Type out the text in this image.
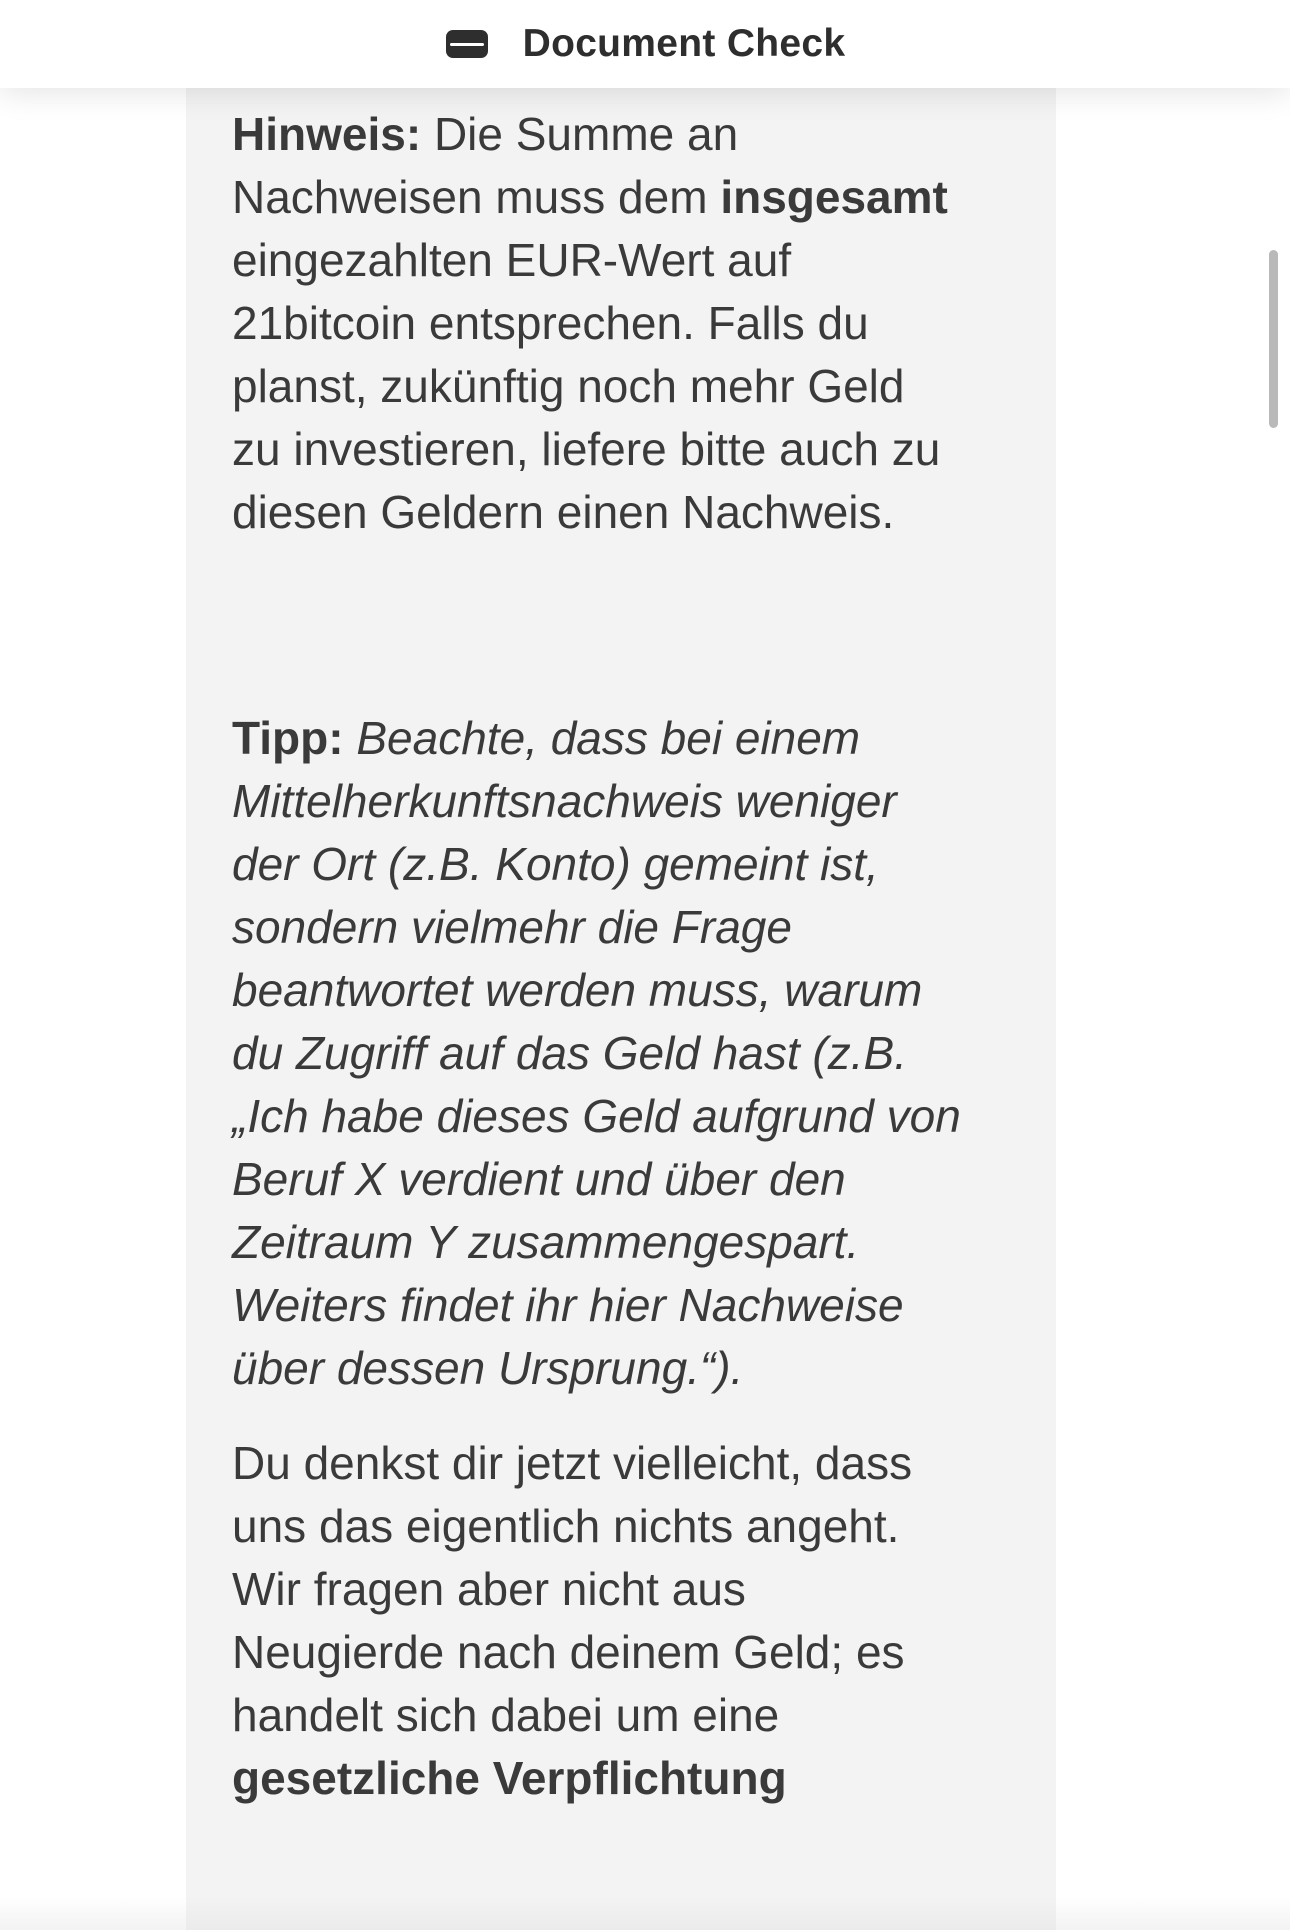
Document Check
Hinweis: Die Summe an
Nachweisen muss dem insgesamt
eingezahlten EUR-Wert auf
21bitcoin entsprechen. Falls du
planst, zukünftig noch mehr Geld
zu investieren, liefere bitte auch zu
diesen Geldern einen Nachweis.
Tipp: Beachte, dass bei einem
Mittelherkunftsnachweis weniger
der Ort (z.B. Konto) gemeint ist,
sondern vielmehr die Frage
beantwortet werden muss, warum
du Zugriff auf das Geld hast (z.B.
„Ich habe dieses Geld aufgrund von
Beruf X verdient und über den
Zeitraum Y zusammengespart.
Weiters findet ihr hier Nachweise
über dessen Ursprung.“).
Du denkst dir jetzt vielleicht, dass
uns das eigentlich nichts angeht.
Wir fragen aber nicht aus
Neugierde nach deinem Geld; es
handelt sich dabei um eine
gesetzliche Verpflichtung
